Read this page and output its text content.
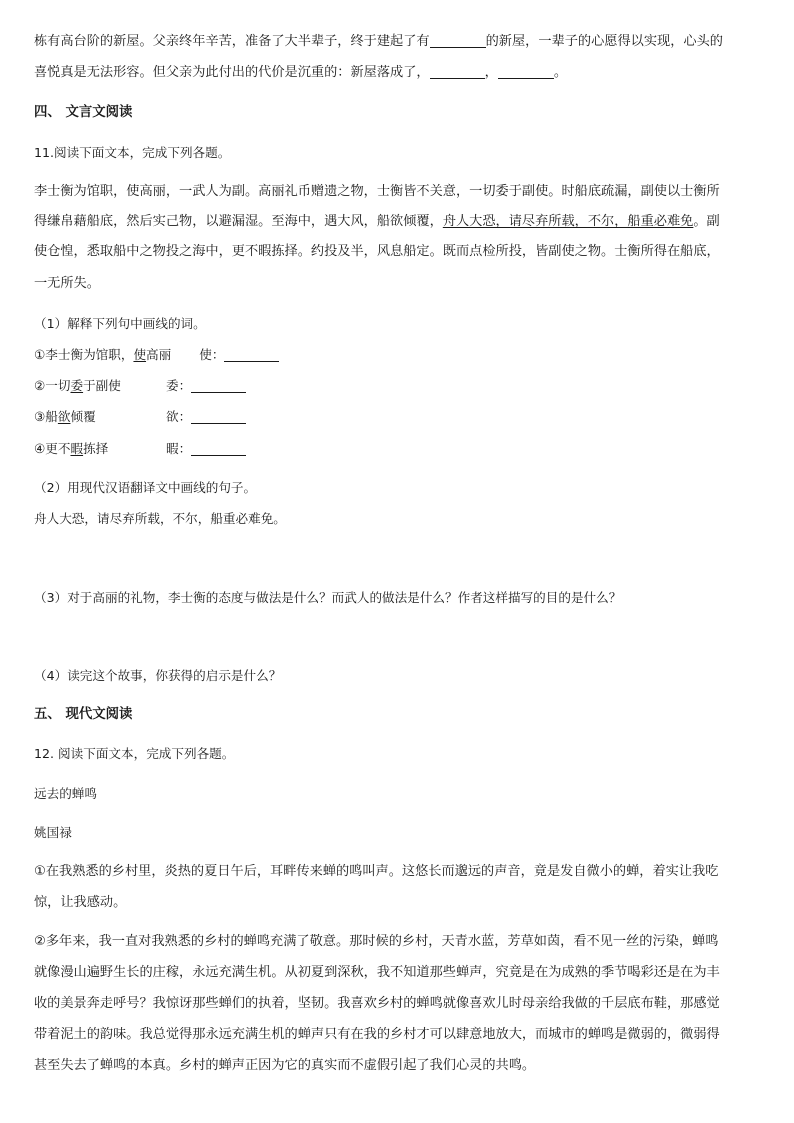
栋有高台阶的新屋。父亲终年辛苦，准备了大半辈子，终于建起了有	的新屋，一辈子的心愿得以实现，心头的
喜悦真是无法形容。但父亲为此付出的代价是沉重的：新屋落成了，	，	。
四、 文言文阅读
11.阅读下面文本，完成下列各题。
李士衡为馆职，使高丽，一武人为副。高丽礼币赠遗之物，士衡皆不关意，一切委于副使。时船底疏漏，副使以士衡所
得缣帛藉船底，然后实己物，以避漏湿。至海中，遇大风，船欲倾覆，舟人大恐，请尽弃所载，不尔，船重必难免。副
使仓惶，悉取船中之物投之海中，更不暇拣择。约投及半，风息船定。既而点检所投，皆副使之物。士衡所得在船底，
一无所失。
（1）解释下列句中画线的词。
①李士衡为馆职，使高丽 使：
②一切委于副使	委：
③船欲倾覆	欲：
④更不暇拣择	暇：
（2）用现代汉语翻译文中画线的句子。
舟人大恐，请尽弃所载，不尔，船重必难免。
（3）对于高丽的礼物，李士衡的态度与做法是什么？而武人的做法是什么？作者这样描写的目的是什么？
（4）读完这个故事，你获得的启示是什么？
五、 现代文阅读
12. 阅读下面文本，完成下列各题。
远去的蝉鸣
姚国禄
①在我熟悉的乡村里，炎热的夏日午后，耳畔传来蝉的鸣叫声。这悠长而邈远的声音，竟是发自微小的蝉，着实让我吃
惊，让我感动。
②多年来，我一直对我熟悉的乡村的蝉鸣充满了敬意。那时候的乡村，天青水蓝，芳草如茵，看不见一丝的污染，蝉鸣
就像漫山遍野生长的庄稼，永远充满生机。从初夏到深秋，我不知道那些蝉声，究竟是在为成熟的季节喝彩还是在为丰
收的美景奔走呼号？我惊讶那些蝉们的执着，坚韧。我喜欢乡村的蝉鸣就像喜欢儿时母亲给我做的千层底布鞋，那感觉
带着泥土的韵味。我总觉得那永远充满生机的蝉声只有在我的乡村才可以肆意地放大，而城市的蝉鸣是微弱的，微弱得
甚至失去了蝉鸣的本真。乡村的蝉声正因为它的真实而不虚假引起了我们心灵的共鸣。
